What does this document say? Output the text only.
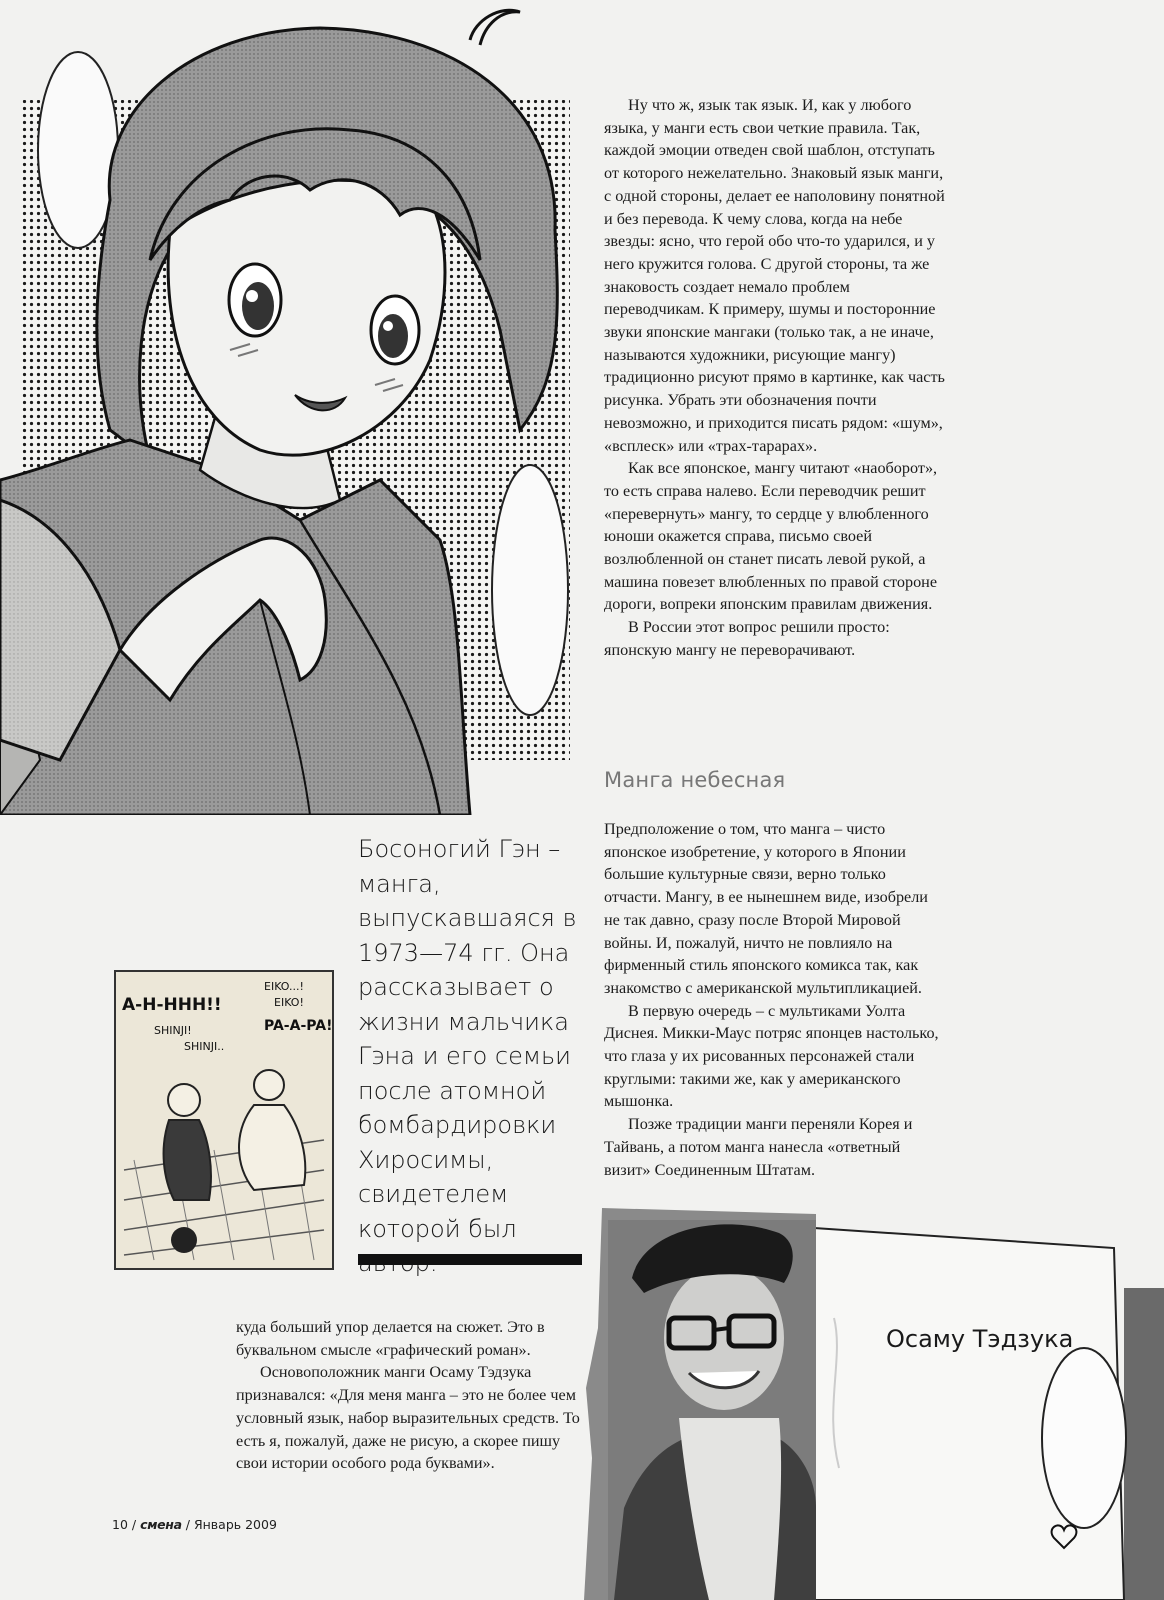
Ну что ж, язык так язык. И, как у любого языка, у манги есть свои четкие правила. Так, каждой эмоции отведен свой шаблон, отступать от которого нежелательно. Знаковый язык манги, с одной стороны, делает ее наполовину понятной и без перевода. К чему слова, когда на небе звезды: ясно, что герой обо что-то ударился, и у него кружится голова. С другой стороны, та же знаковость создает немало проблем переводчикам. К примеру, шумы и посторонние звуки японские мангаки (только так, а не иначе, называются художники, рисующие мангу) традиционно рисуют прямо в картинке, как часть рисунка. Убрать эти обозначения почти невозможно, и приходится писать рядом: «шум», «всплеск» или «трах-тарарах».

Как все японское, мангу читают «наоборот», то есть справа налево. Если переводчик решит «перевернуть» мангу, то сердце у влюбленного юноши окажется справа, письмо своей возлюбленной он станет писать левой рукой, а машина повезет влюбленных по правой стороне дороги, вопреки японским правилам движения.

В России этот вопрос решили просто: японскую мангу не переворачивают.

Манга небесная

Предположение о том, что манга – чисто японское изобретение, у которого в Японии большие культурные связи, верно только отчасти. Мангу, в ее нынешнем виде, изобрели не так давно, сразу после Второй Мировой войны. И, пожалуй, ничто не повлияло на фирменный стиль японского комикса так, как знакомство с американской мультипликацией.

В первую очередь – с мультиками Уолта Диснея. Микки-Маус потряс японцев настолько, что глаза у их рисованных персонажей стали круглыми: такими же, как у американского мышонка.

Позже традиции манги переняли Корея и Тайвань, а потом манга нанесла «ответный визит» Соединенным Штатам.

Босоногий Гэн – манга, выпускавшаяся в 1973—74 гг. Она рассказывает о жизни мальчика Гэна и его семьи после атомной бомбардировки Хиросимы, свидетелем которой был
A-H-HHH!!
SHINJI!
SHINJI..
EIKO...!
EIKO!
PA-A-PA!

куда больший упор делается на сюжет. Это в буквальном смысле «графический роман».

Основоположник манги Осаму Тэдзука признавался: «Для меня манга – это не более чем условный язык, набор выразительных средств. То есть я, пожалуй, даже не рисую, а скорее пишу свои истории особого рода буквами».

Осаму Тэдзука
10 / смена / Январь 2009
